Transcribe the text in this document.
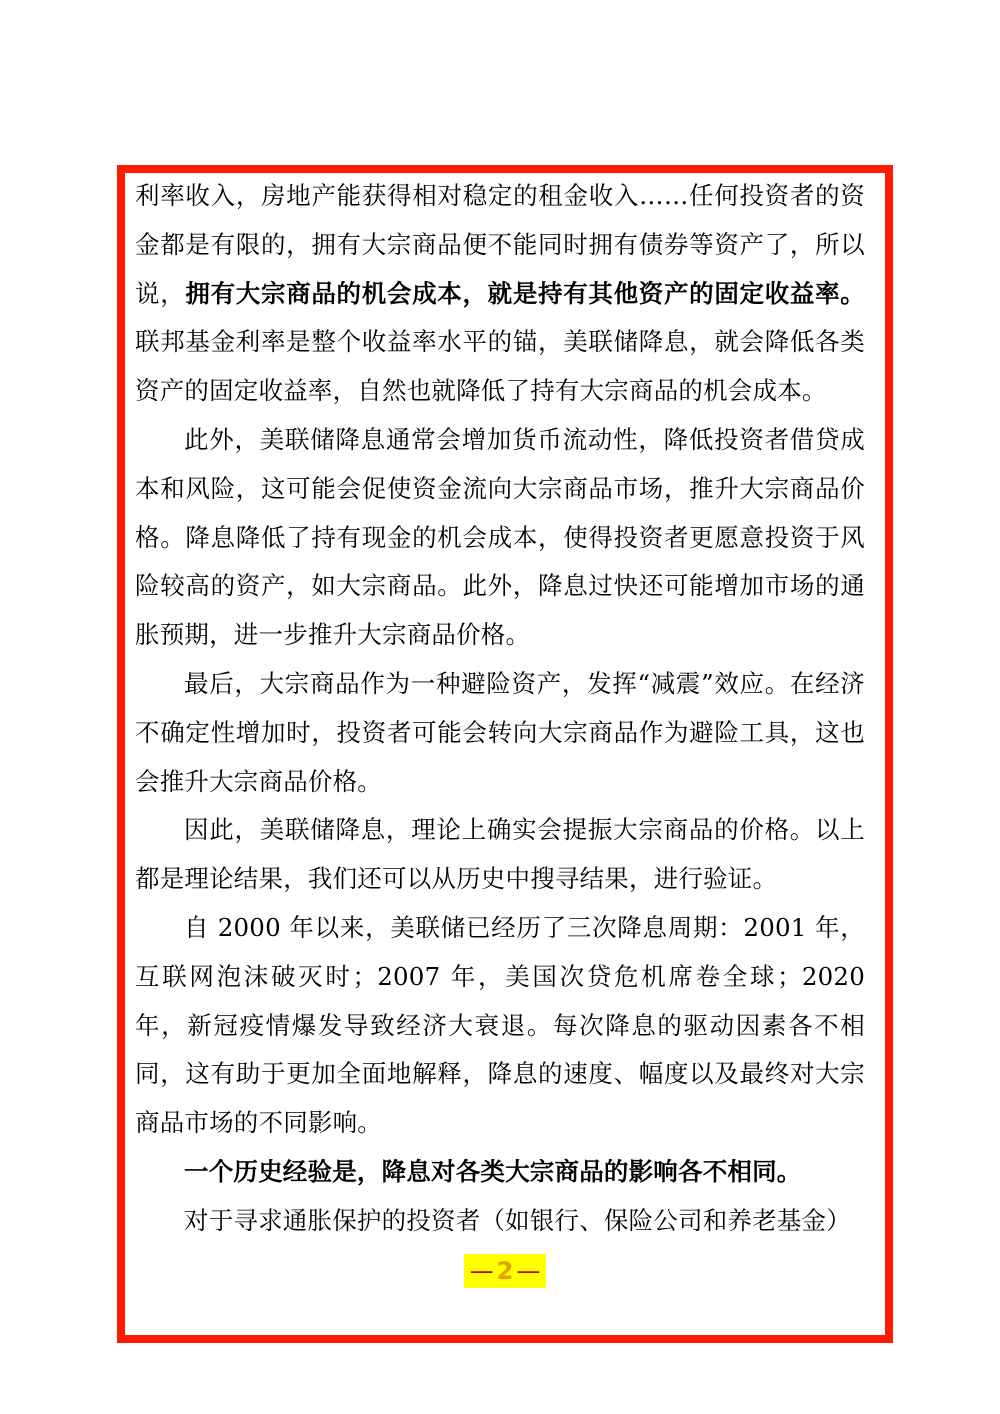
利率收入，房地产能获得相对稳定的租金收入……任何投资者的资金都是有限的，拥有大宗商品便不能同时拥有债券等资产了，所以说，拥有大宗商品的机会成本，就是持有其他资产的固定收益率。联邦基金利率是整个收益率水平的锚，美联储降息，就会降低各类资产的固定收益率，自然也就降低了持有大宗商品的机会成本。

此外，美联储降息通常会增加货币流动性，降低投资者借贷成本和风险，这可能会促使资金流向大宗商品市场，推升大宗商品价格。降息降低了持有现金的机会成本，使得投资者更愿意投资于风险较高的资产，如大宗商品。此外，降息过快还可能增加市场的通胀预期，进一步推升大宗商品价格。

最后，大宗商品作为一种避险资产，发挥“减震”效应。在经济不确定性增加时，投资者可能会转向大宗商品作为避险工具，这也会推升大宗商品价格。

因此，美联储降息，理论上确实会提振大宗商品的价格。以上都是理论结果，我们还可以从历史中搜寻结果，进行验证。

自 2000 年以来，美联储已经历了三次降息周期：2001 年，互联网泡沫破灭时；2007 年，美国次贷危机席卷全球；2020 年，新冠疫情爆发导致经济大衰退。每次降息的驱动因素各不相同，这有助于更加全面地解释，降息的速度、幅度以及最终对大宗商品市场的不同影响。

一个历史经验是，降息对各类大宗商品的影响各不相同。

对于寻求通胀保护的投资者（如银行、保险公司和养老基金）

— 2 —
